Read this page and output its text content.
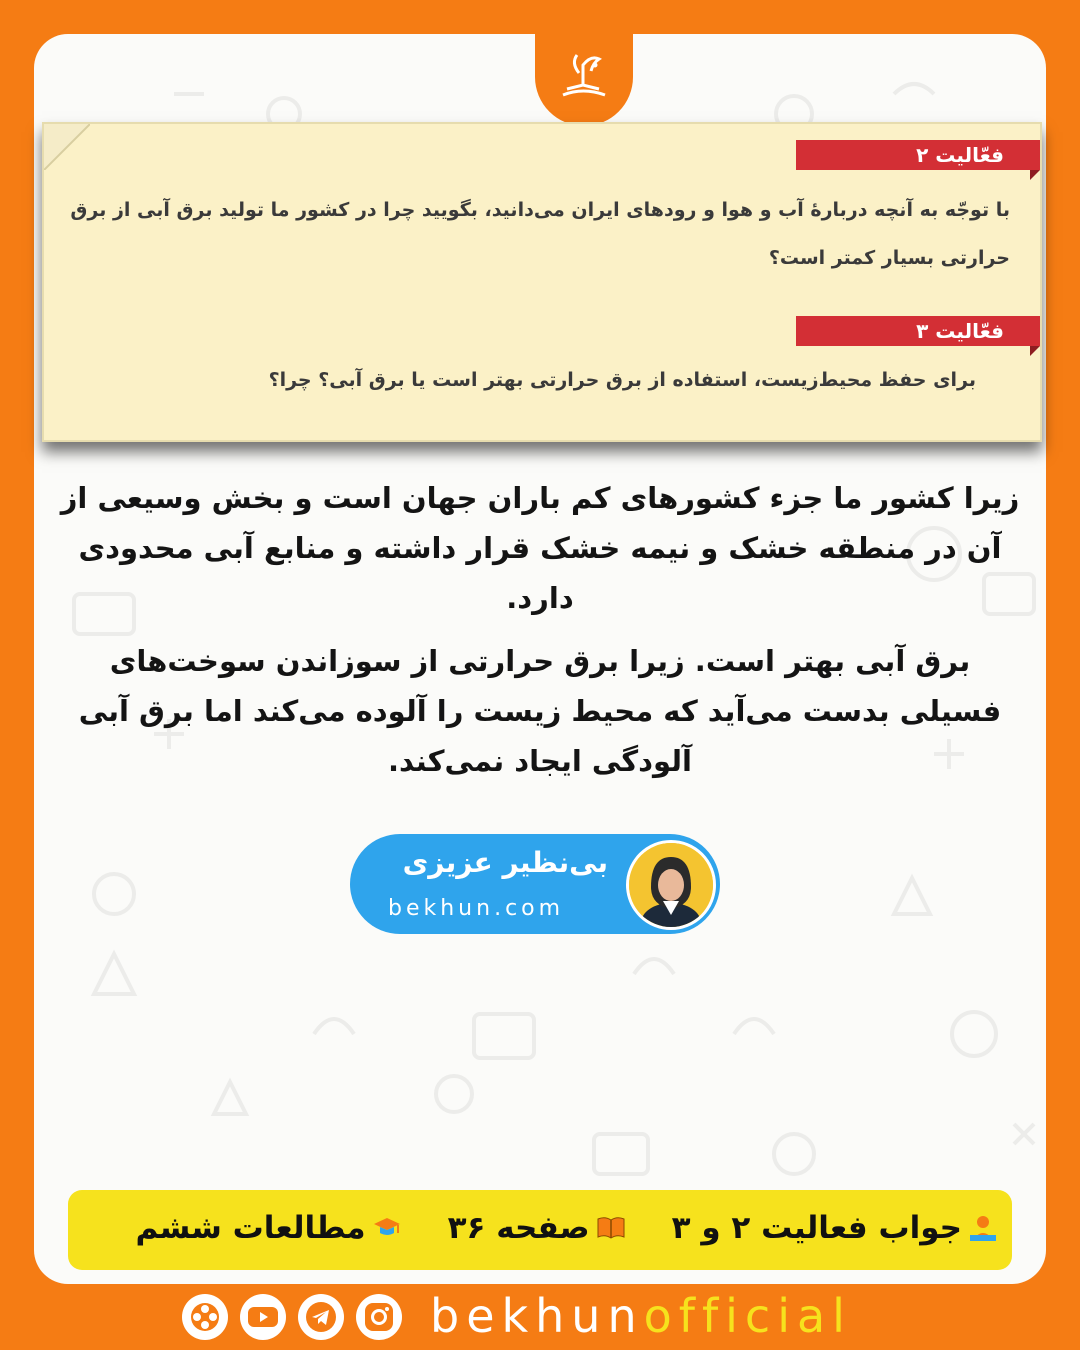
فعّالیت ۲
با توجّه به آنچه دربارهٔ آب و هوا و رودهای ایران می‌دانید، بگویید چرا در کشور ما تولید برق آبی از برق حرارتی بسیار کمتر است؟
فعّالیت ۳
برای حفظ محیط‌زیست، استفاده از برق حرارتی بهتر است یا برق آبی؟ چرا؟
زیرا کشور ما جزء کشورهای کم باران جهان است و بخش وسیعی از آن در منطقه خشک و نیمه خشک قرار داشته و منابع آبی محدودی دارد.
برق آبی بهتر است. زیرا برق حرارتی از سوزاندن سوخت‌های فسیلی بدست می‌آید که محیط زیست را آلوده می‌کند اما برق آبی آلودگی ایجاد نمی‌کند.
بی‌نظیر عزیزی
bekhun.com
جواب فعالیت ۲ و ۳
صفحه ۳۶
مطالعات ششم
bekhunofficial
